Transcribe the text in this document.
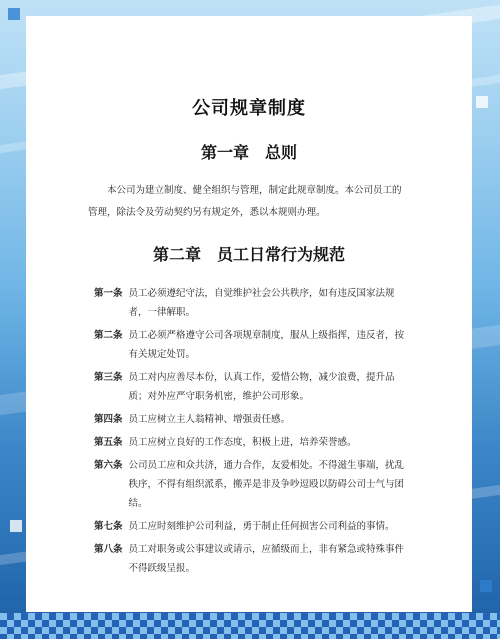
公司规章制度
第一章　总则
本公司为建立制度、健全组织与管理，制定此规章制度。本公司员工的管理，除法令及劳动契约另有规定外，悉以本规则办理。
第二章　员工日常行为规范
第一条 员工必须遵纪守法，自觉维护社会公共秩序，如有违反国家法规者，一律解职。
第二条 员工必须严格遵守公司各项规章制度，服从上级指挥，违反者，按有关规定处罚。
第三条 员工对内应善尽本份，认真工作，爱惜公物，减少浪费，提升品质；对外应严守职务机密，维护公司形象。
第四条 员工应树立主人翁精神、增强责任感。
第五条 员工应树立良好的工作态度，积极上进，培养荣誉感。
第六条 公司员工应和众共济，通力合作，友爱相处。不得滋生事端，扰乱秩序，不得有组织派系，搬弄是非及争吵逗殴以防碍公司士气与团结。
第七条 员工应时刻维护公司利益，勇于制止任何损害公司利益的事情。
第八条 员工对职务或公事建议或请示，应循级而上，非有紧急或特殊事件不得跃级呈报。
